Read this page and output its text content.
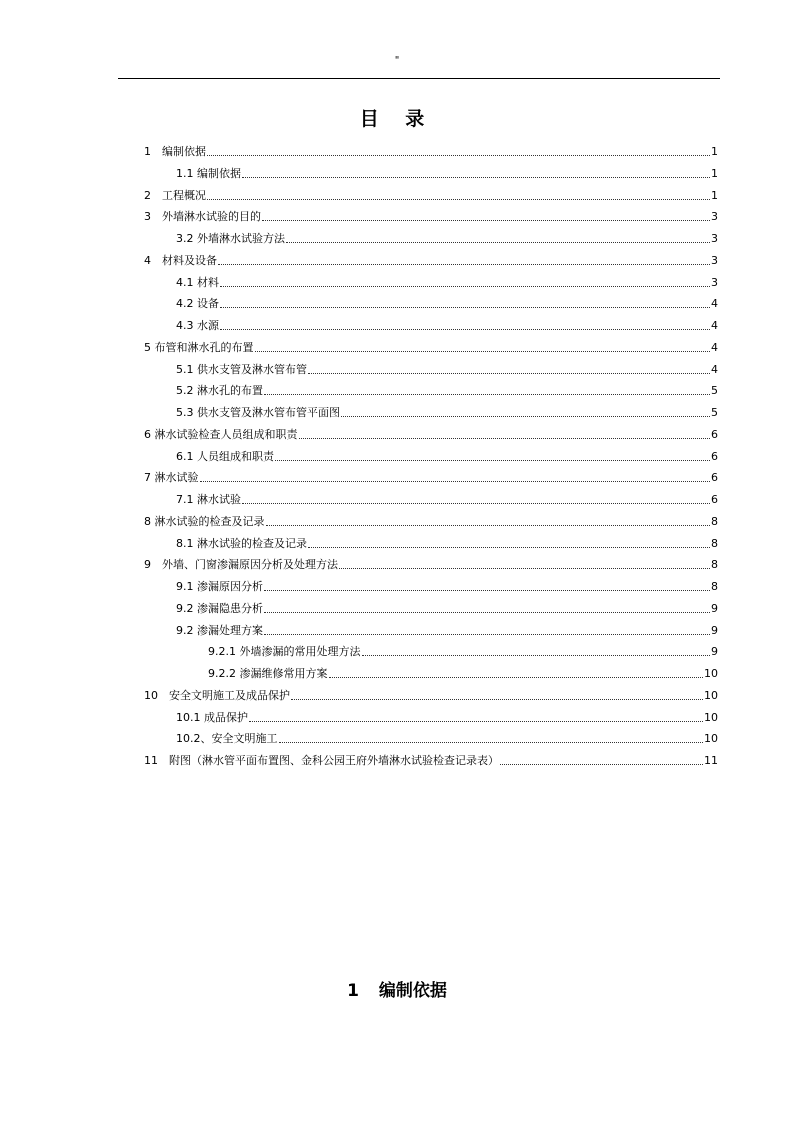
"
目 录
1　编制依据	1
1.1 编制依据	1
2　工程概况	1
3　外墙淋水试验的目的	3
3.2 外墙淋水试验方法	3
4　材料及设备	3
4.1 材料	3
4.2 设备	4
4.3 水源	4
5 布管和淋水孔的布置	4
5.1 供水支管及淋水管布管	4
5.2 淋水孔的布置	5
5.3 供水支管及淋水管布管平面图	5
6 淋水试验检查人员组成和职责	6
6.1 人员组成和职责	6
7 淋水试验	6
7.1 淋水试验	6
8 淋水试验的检查及记录	8
8.1 淋水试验的检查及记录	8
9　外墙、门窗渗漏原因分析及处理方法	8
9.1 渗漏原因分析	8
9.2 渗漏隐患分析	9
9.2 渗漏处理方案	9
9.2.1 外墙渗漏的常用处理方法	9
9.2.2 渗漏维修常用方案	10
10　安全文明施工及成品保护	10
10.1 成品保护	10
10.2、安全文明施工	10
11　附图（淋水管平面布置图、金科公园王府外墙淋水试验检查记录表）	11
1 编制依据
